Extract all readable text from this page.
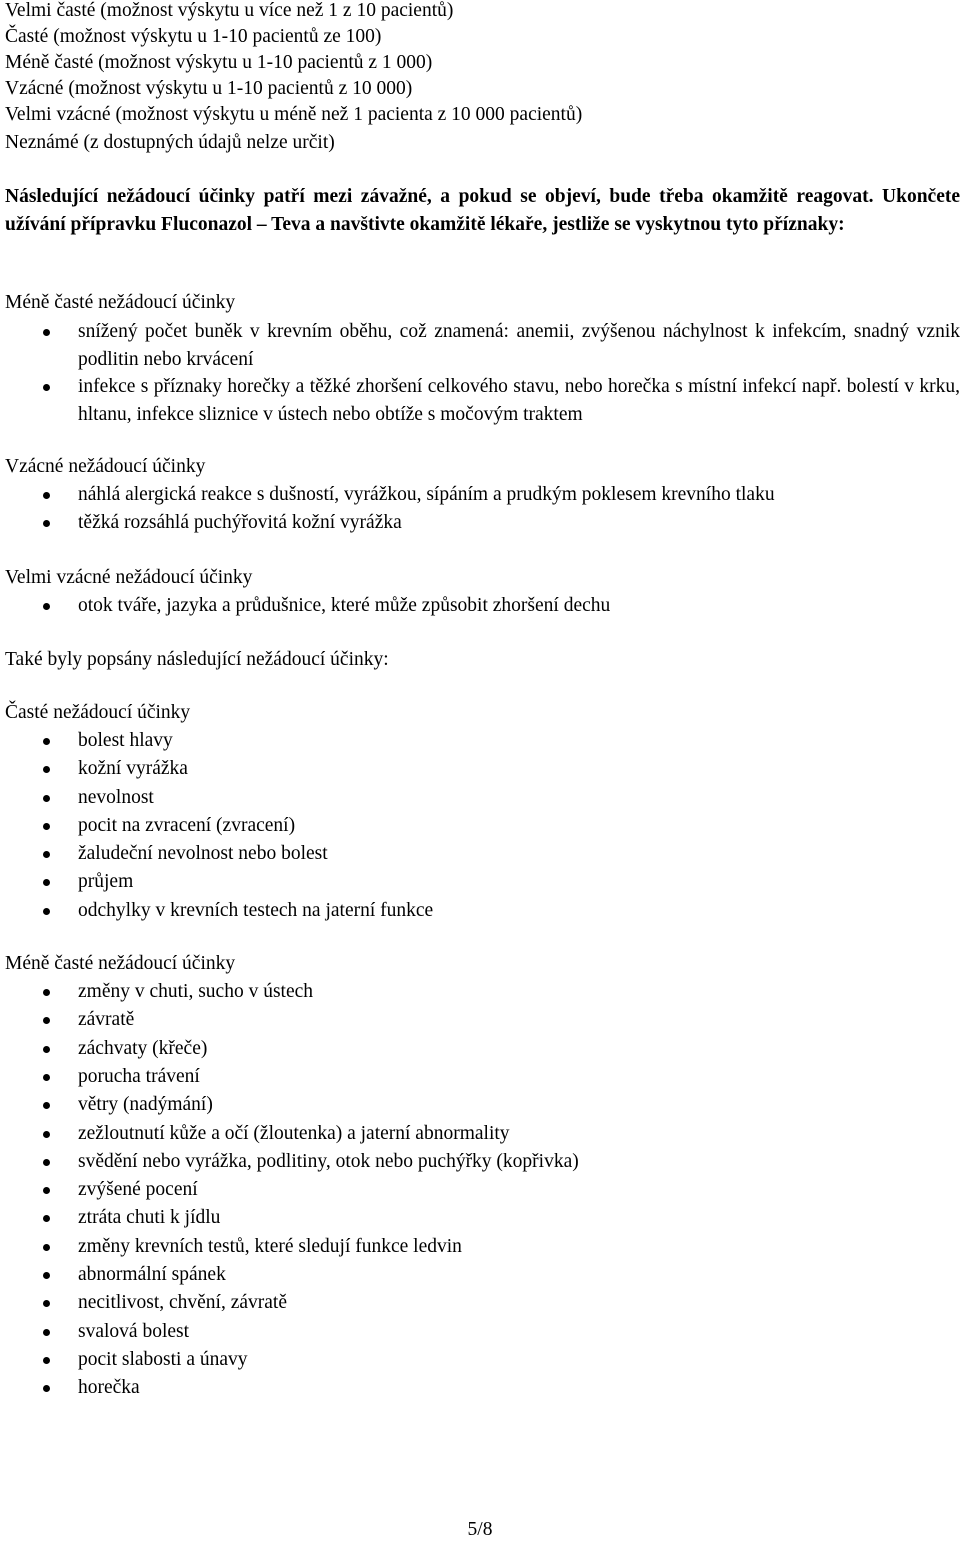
Velmi časté (možnost výskytu u více než 1 z 10 pacientů)
Časté (možnost výskytu u 1-10 pacientů ze 100)
Méně časté (možnost výskytu u 1-10 pacientů z 1 000)
Vzácné (možnost výskytu u 1-10 pacientů z 10 000)
Velmi vzácné (možnost výskytu u méně než 1 pacienta z 10 000 pacientů)
Neznámé (z dostupných údajů nelze určit)
Následující nežádoucí účinky patří mezi závažné, a pokud se objeví, bude třeba okamžitě reagovat. Ukončete užívání přípravku Fluconazol – Teva a navštivte okamžitě lékaře, jestliže se vyskytnou tyto příznaky:
Méně časté nežádoucí účinky
snížený počet buněk v krevním oběhu, což znamená: anemii, zvýšenou náchylnost k infekcím, snadný vznik podlitin nebo krvácení
infekce s příznaky horečky a těžké zhoršení celkového stavu, nebo horečka s místní infekcí např. bolestí v krku, hltanu, infekce sliznice v ústech nebo obtíže s močovým traktem
Vzácné nežádoucí účinky
náhlá alergická reakce s dušností, vyrážkou, sípáním a prudkým poklesem krevního tlaku
těžká rozsáhlá puchýřovitá kožní vyrážka
Velmi vzácné nežádoucí účinky
otok tváře, jazyka a průdušnice, které může způsobit zhoršení dechu
Také byly popsány následující nežádoucí účinky:
Časté nežádoucí účinky
bolest hlavy
kožní vyrážka
nevolnost
pocit na zvracení (zvracení)
žaludeční nevolnost nebo bolest
průjem
odchylky v krevních testech na jaterní funkce
Méně časté nežádoucí účinky
změny v chuti, sucho v ústech
závratě
záchvaty (křeče)
porucha trávení
větry (nadýmání)
zežloutnutí kůže a očí (žloutenka) a jaterní abnormality
svědění nebo vyrážka, podlitiny, otok nebo puchýřky (kopřivka)
zvýšené pocení
ztráta chuti k jídlu
změny krevních testů, které sledují funkce ledvin
abnormální spánek
necitlivost, chvění, závratě
svalová bolest
pocit slabosti a únavy
horečka
5/8
